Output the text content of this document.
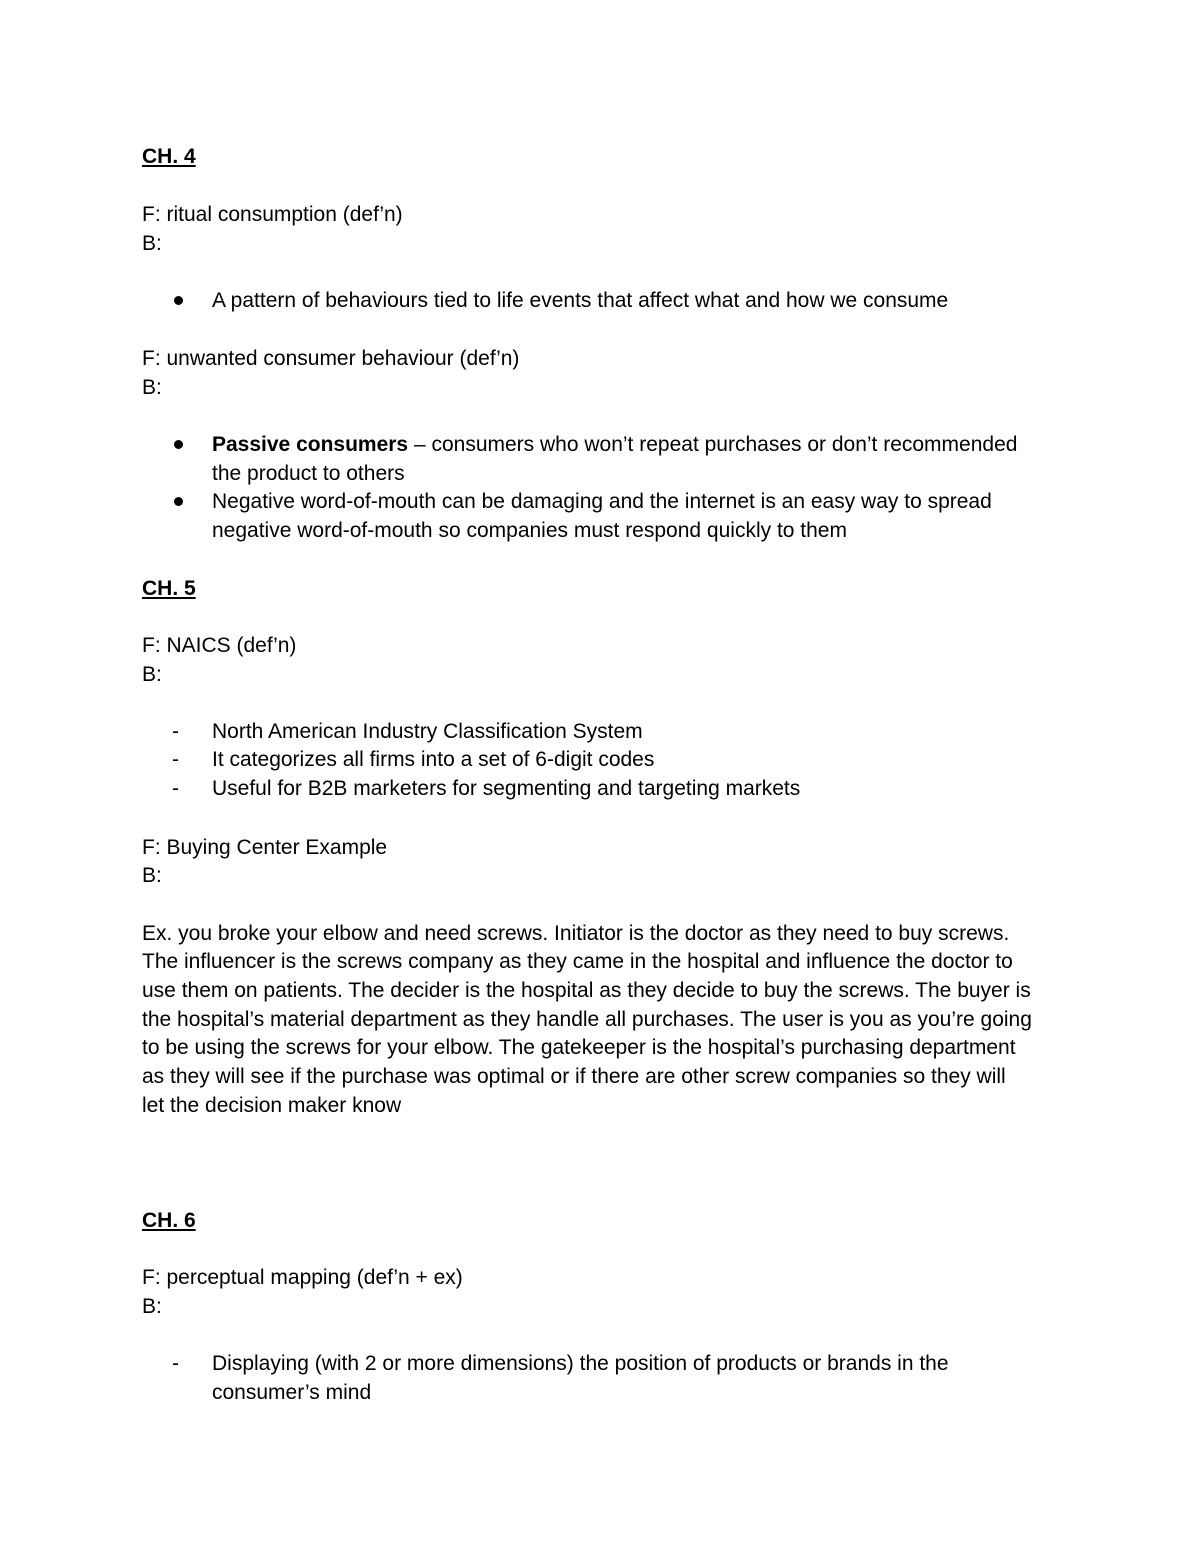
CH. 4
F: ritual consumption (def’n)
B:
A pattern of behaviours tied to life events that affect what and how we consume
F: unwanted consumer behaviour (def’n)
B:
Passive consumers – consumers who won’t repeat purchases or don’t recommended
the product to others
Negative word-of-mouth can be damaging and the internet is an easy way to spread
negative word-of-mouth so companies must respond quickly to them
CH. 5
F: NAICS (def’n)
B:
- North American Industry Classification System
- It categorizes all firms into a set of 6-digit codes
- Useful for B2B marketers for segmenting and targeting markets
F: Buying Center Example
B:
Ex. you broke your elbow and need screws. Initiator is the doctor as they need to buy screws.
The influencer is the screws company as they came in the hospital and influence the doctor to
use them on patients. The decider is the hospital as they decide to buy the screws. The buyer is
the hospital’s material department as they handle all purchases. The user is you as you’re going
to be using the screws for your elbow. The gatekeeper is the hospital’s purchasing department
as they will see if the purchase was optimal or if there are other screw companies so they will
let the decision maker know
CH. 6
F: perceptual mapping (def’n + ex)
B:
- Displaying (with 2 or more dimensions) the position of products or brands in the
consumer’s mind
